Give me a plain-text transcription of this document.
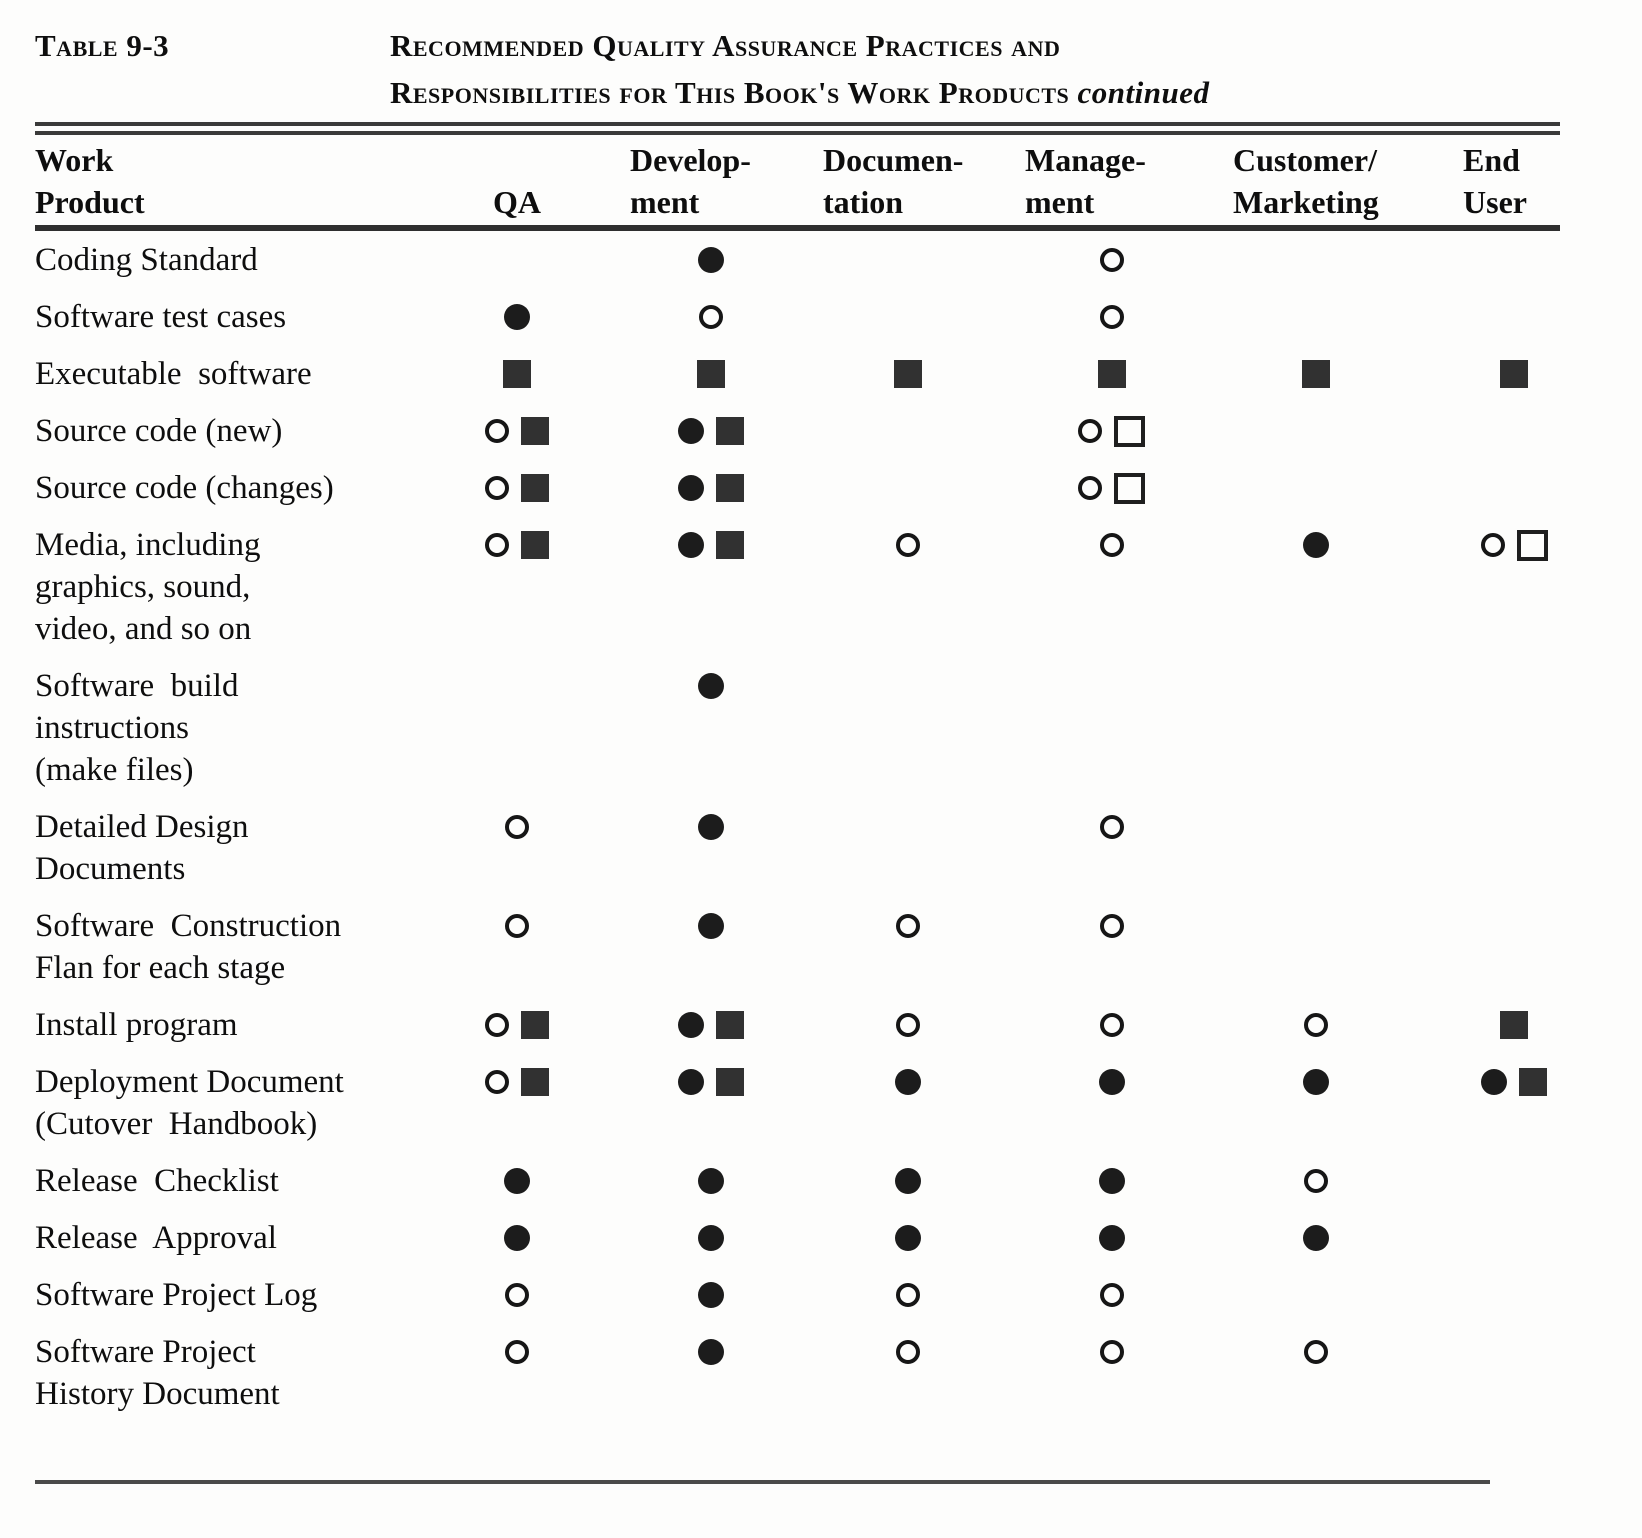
Table 9-3	Recommended Quality Assurance Practices and
Responsibilities for This Book's Work Products continued
Work
Product	QA
Develop-
ment
Documen-
tation
Manage-
ment
Customer/
Marketing
End
User
Coding Standard
Software test cases
Executable  software
Source code (new)
Source code (changes)
Media, including
graphics, sound,
video, and so on
Software  build
instructions
(make files)
Detailed Design
Documents
Software  Construction
Flan for each stage
Install program
Deployment Document
(Cutover  Handbook)
Release  Checklist
Release  Approval
Software Project Log
Software Project
History Document
